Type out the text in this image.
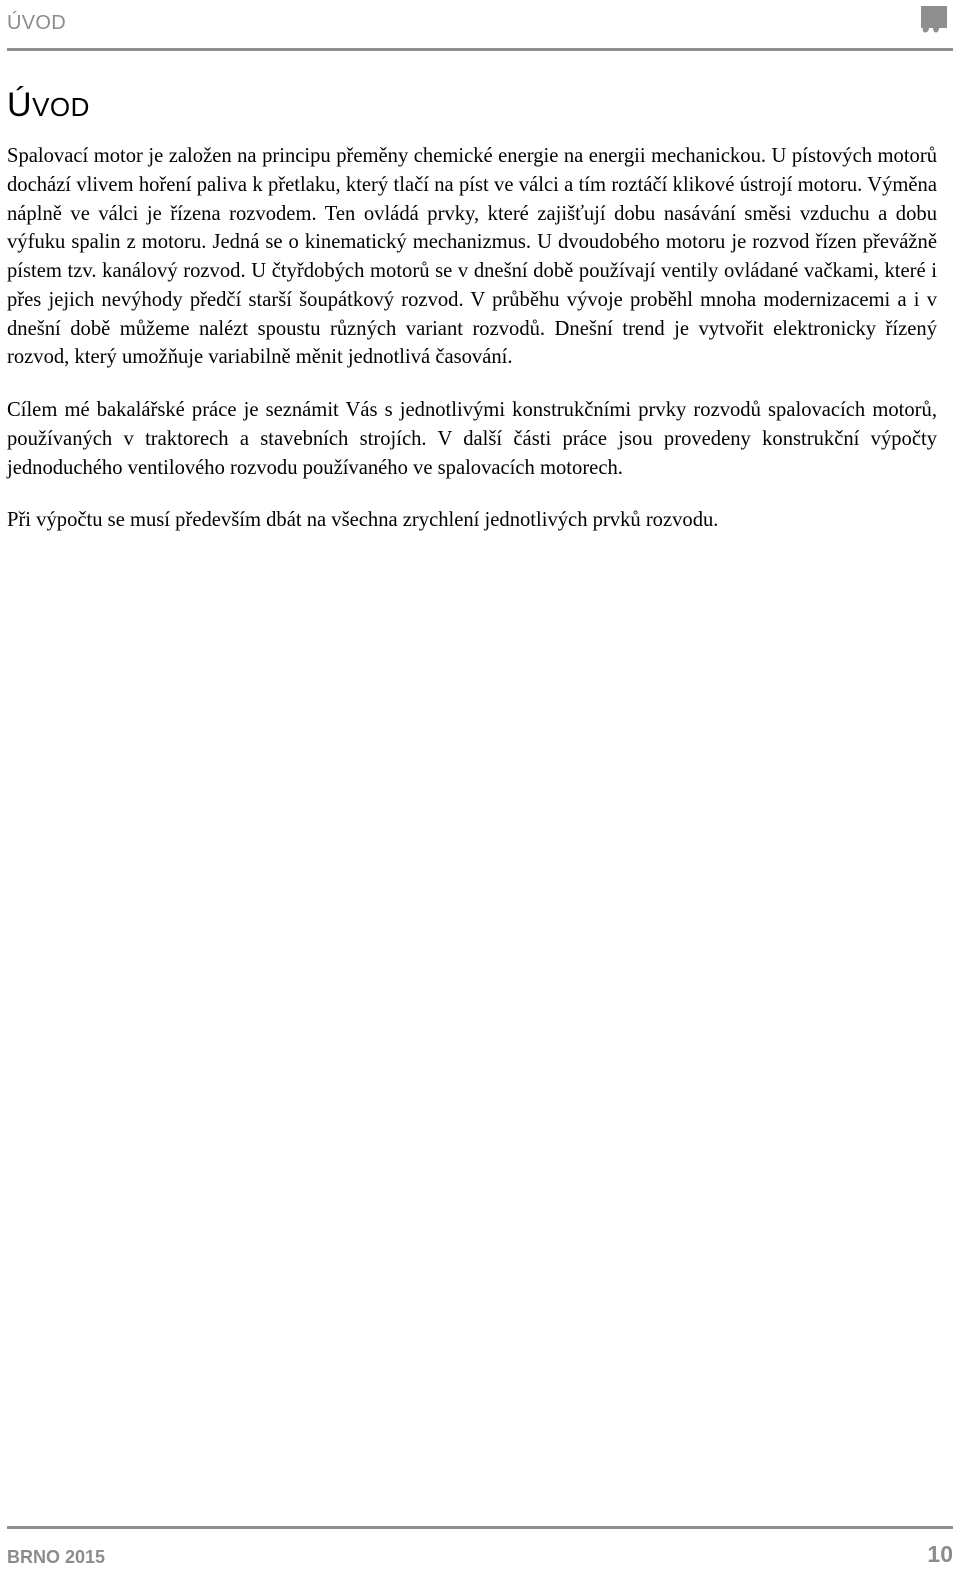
ÚVOD
ÚVOD

Spalovací motor je založen na principu přeměny chemické energie na energii mechanickou. U pístových motorů dochází vlivem hoření paliva k přetlaku, který tlačí na píst ve válci a tím roztáčí klikové ústrojí motoru. Výměna náplně ve válci je řízena rozvodem. Ten ovládá prvky, které zajišťují dobu nasávání směsi vzduchu a dobu výfuku spalin z motoru. Jedná se o kinematický mechanizmus. U dvoudobého motoru je rozvod řízen převážně pístem tzv. kanálový rozvod. U čtyřdobých motorů se v dnešní době používají ventily ovládané vačkami, které i přes jejich nevýhody předčí starší šoupátkový rozvod. V průběhu vývoje proběhl mnoha modernizacemi a i v dnešní době můžeme nalézt spoustu různých variant rozvodů. Dnešní trend je vytvořit elektronicky řízený rozvod, který umožňuje variabilně měnit jednotlivá časování.

Cílem mé bakalářské práce je seznámit Vás s jednotlivými konstrukčními prvky rozvodů spalovacích motorů, používaných v traktorech a stavebních strojích. V další části práce jsou provedeny konstrukční výpočty jednoduchého ventilového rozvodu používaného ve spalovacích motorech.

Při výpočtu se musí především dbát na všechna zrychlení jednotlivých prvků rozvodu.

BRNO 2015	10
